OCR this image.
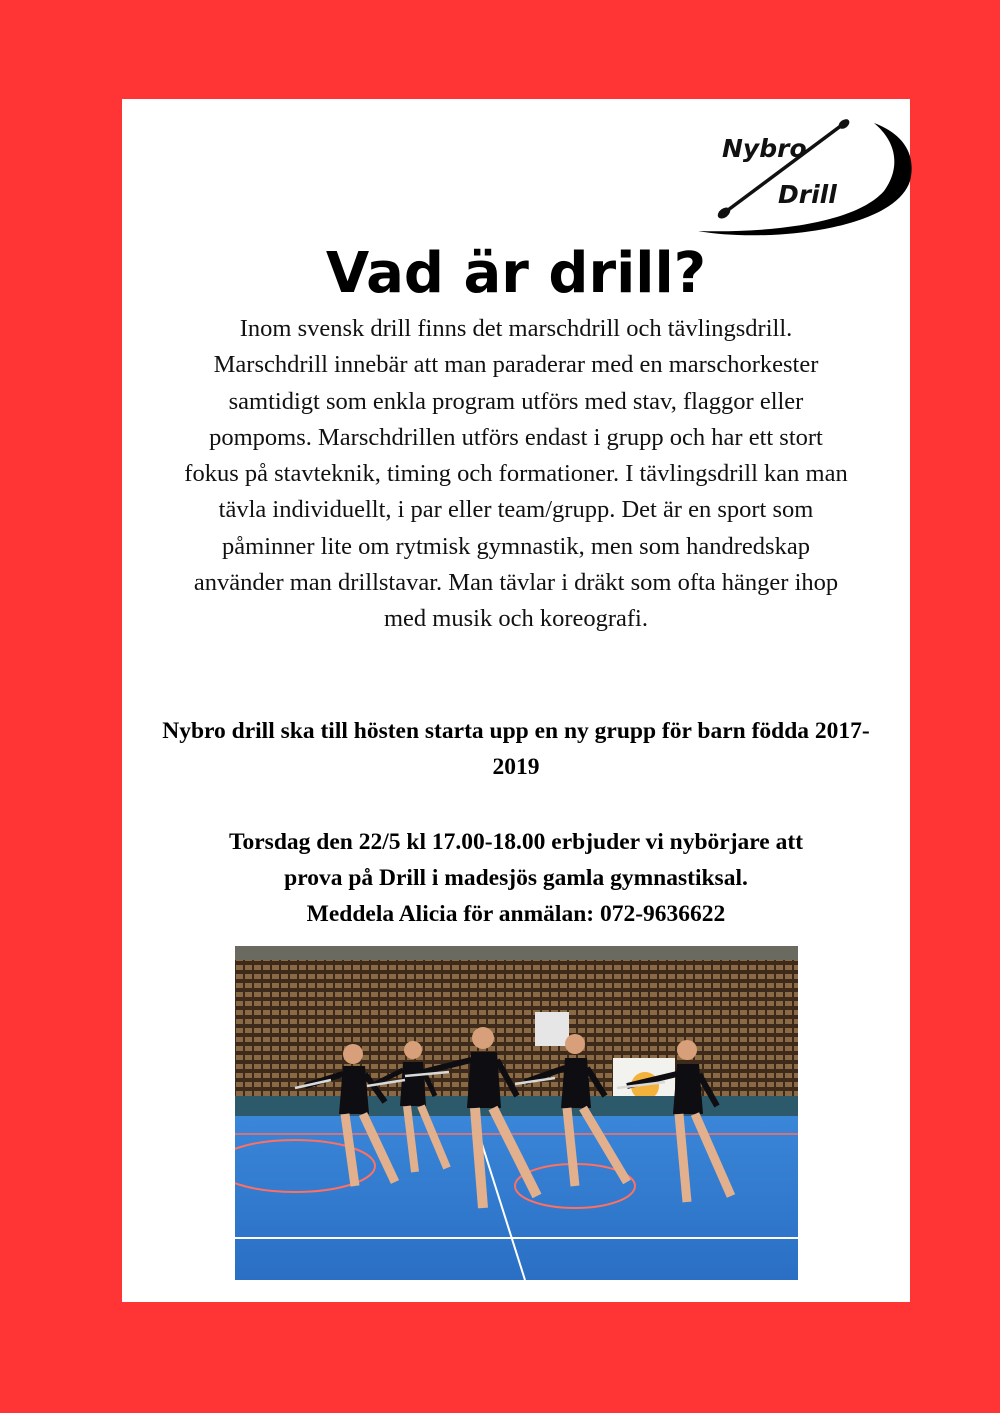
Nybro
Drill
Vad är drill?

Inom svensk drill finns det marschdrill och tävlingsdrill. Marschdrill innebär att man paraderar med en marschorkester samtidigt som enkla program utförs med stav, flaggor eller pompoms. Marschdrillen utförs endast i grupp och har ett stort fokus på stavteknik, timing och formationer. I tävlingsdrill kan man tävla individuellt, i par eller team/grupp. Det är en sport som påminner lite om rytmisk gymnastik, men som handredskap använder man drillstavar. Man tävlar i dräkt som ofta hänger ihop med musik och koreografi.

Nybro drill ska till hösten starta upp en ny grupp för barn födda 2017-2019

Torsdag den 22/5 kl 17.00-18.00 erbjuder vi nybörjare att
prova på Drill i madesjös gamla gymnastiksal.
Meddela Alicia för anmälan: 072-9636622
